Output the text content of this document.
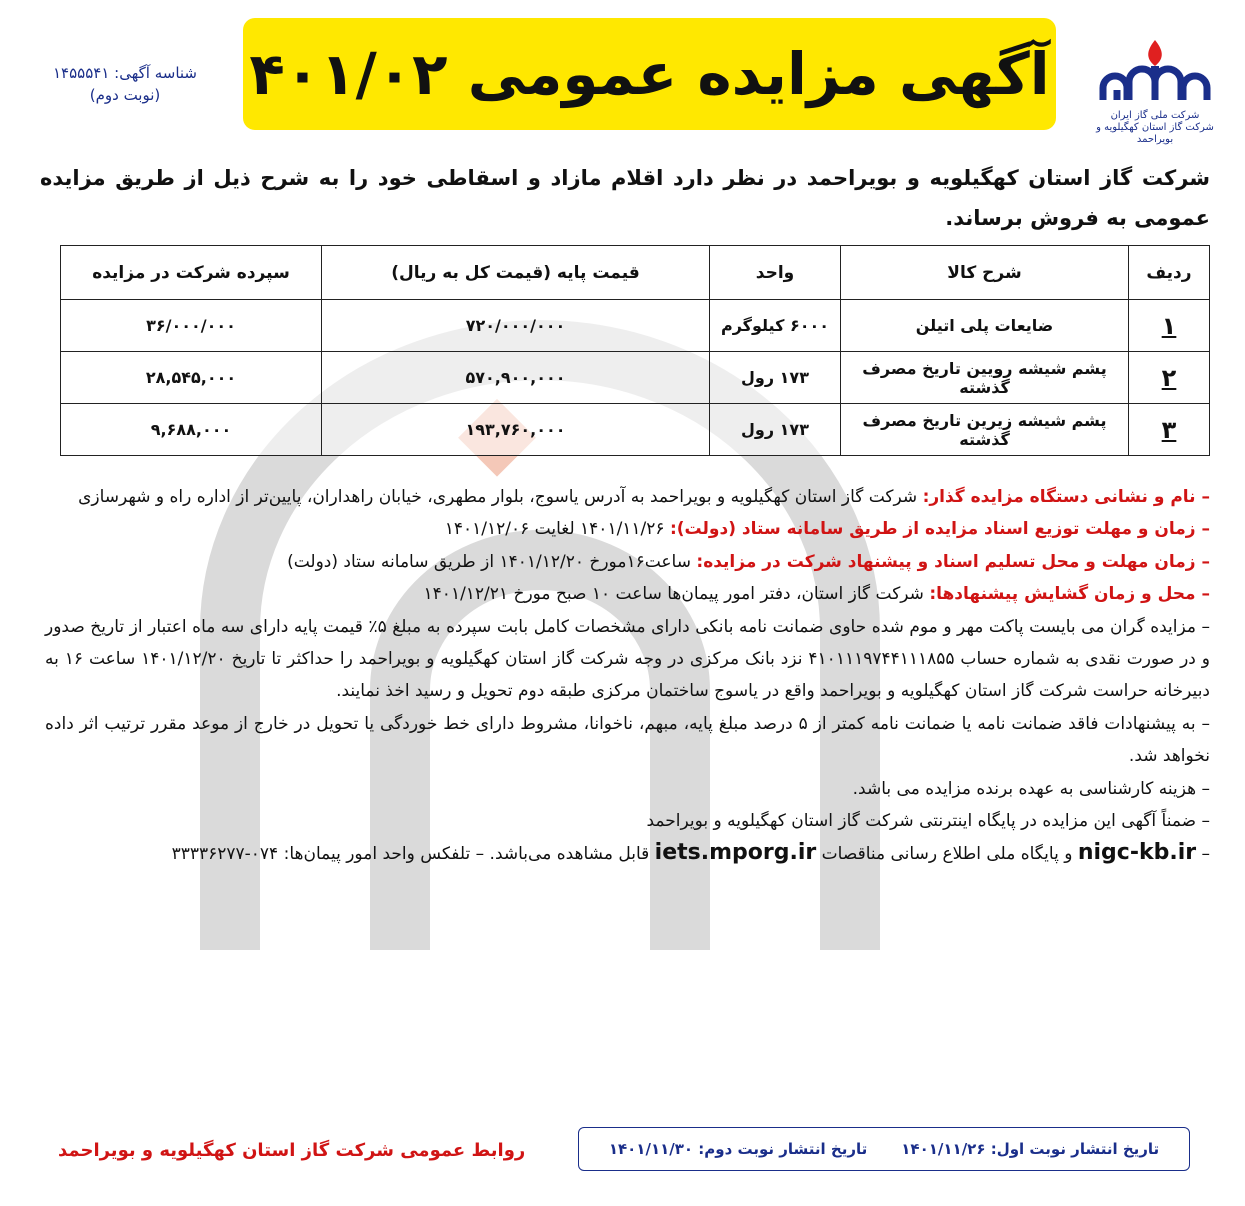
شرکت ملی گاز ایران
شرکت گاز استان کهگیلویه و بویراحمد
آگهی مزایده عمومی ۴۰۱/۰۲
شناسه آگهی: ۱۴۵۵۵۴۱
(نوبت دوم)
شرکت گاز استان کهگیلویه و بویراحمد در نظر دارد اقلام مازاد و اسقاطی خود را به شرح ذیل از طریق مزایده عمومی به فروش برساند.
ردیف	شرح کالا	واحد	قیمت پایه (قیمت کل به ریال)	سپرده شرکت در مزایده
۱	ضایعات پلی اتیلن	۶۰۰۰ کیلوگرم	۷۲۰/۰۰۰/۰۰۰	۳۶/۰۰۰/۰۰۰
۲	پشم شیشه رویین تاریخ مصرف گذشته	۱۷۳ رول	۵۷۰,۹۰۰,۰۰۰	۲۸,۵۴۵,۰۰۰
۳	پشم شیشه زیرین تاریخ مصرف گذشته	۱۷۳ رول	۱۹۳,۷۶۰,۰۰۰	۹,۶۸۸,۰۰۰

– نام و نشانی دستگاه مزایده گذار: شرکت گاز استان کهگیلویه و بویراحمد به آدرس یاسوج، بلوار مطهری، خیابان راهداران، پایین‌تر از اداره راه و شهرسازی

– زمان و مهلت توزیع اسناد مزایده از طریق سامانه ستاد (دولت): ۱۴۰۱/۱۱/۲۶ لغایت ۱۴۰۱/۱۲/۰۶

– زمان مهلت و محل تسلیم اسناد و پیشنهاد شرکت در مزایده: ساعت۱۶مورخ ۱۴۰۱/۱۲/۲۰ از طریق سامانه ستاد (دولت)

– محل و زمان گشایش پیشنهادها: شرکت گاز استان، دفتر امور پیمان‌ها ساعت ۱۰ صبح مورخ ۱۴۰۱/۱۲/۲۱

– مزایده گران می بایست پاکت مهر و موم شده حاوی ضمانت نامه بانکی دارای مشخصات کامل بابت سپرده به مبلغ ۵٪ قیمت پایه دارای سه ماه اعتبار از تاریخ صدور و در صورت نقدی به شماره حساب ۴۱۰۱۱۱۹۷۴۴۱۱۱۸۵۵ نزد بانک مرکزی در وجه شرکت گاز استان کهگیلویه و بویراحمد را حداکثر تا تاریخ ۱۴۰۱/۱۲/۲۰ ساعت ۱۶ به دبیرخانه حراست شرکت گاز استان کهگیلویه و بویراحمد واقع در یاسوج ساختمان مرکزی طبقه دوم تحویل و رسید اخذ نمایند.

– به پیشنهادات فاقد ضمانت نامه یا ضمانت نامه کمتر از ۵ درصد مبلغ پایه، مبهم، ناخوانا، مشروط دارای خط خوردگی یا تحویل در خارج از موعد مقرر ترتیب اثر داده نخواهد شد.

– هزینه کارشناسی به عهده برنده مزایده می باشد.

– ضمناً آگهی این مزایده در پایگاه اینترنتی شرکت گاز استان کهگیلویه و بویراحمد

– nigc-kb.ir و پایگاه ملی اطلاع رسانی مناقصات iets.mporg.ir قابل مشاهده می‌باشد. – تلفکس واحد امور پیمان‌ها: ۰۷۴-۳۳۳۳۶۲۷۷

تاریخ انتشار نوبت اول: ۱۴۰۱/۱۱/۲۶
تاریخ انتشار نوبت دوم: ۱۴۰۱/۱۱/۳۰
روابط عمومی شرکت گاز استان کهگیلویه و بویراحمد
